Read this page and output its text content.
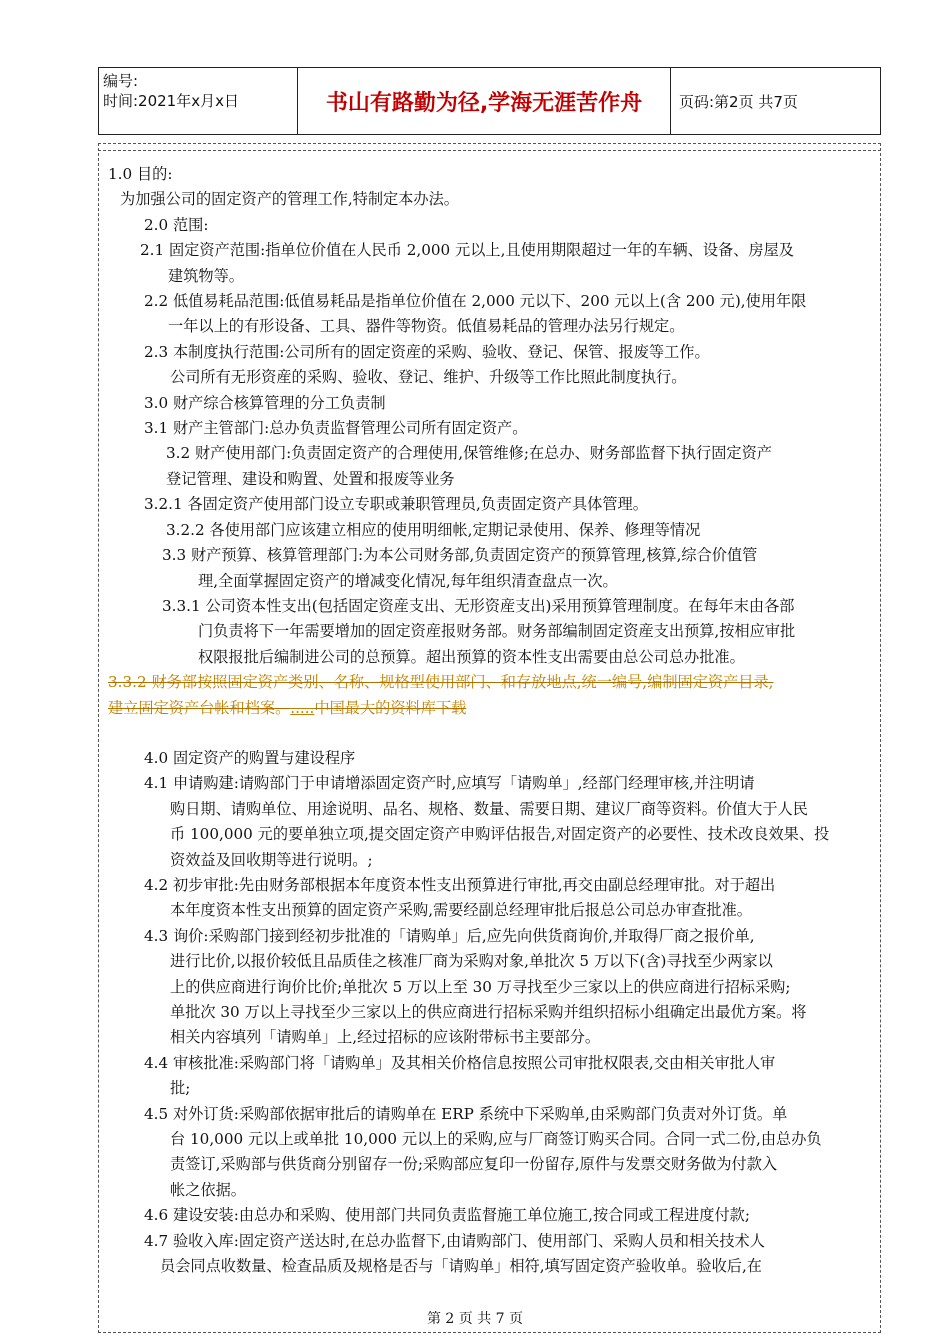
编号:
时间:2021年x月x日	书山有路勤为径,学海无涯苦作舟	页码:第2页 共7页
1.0 目的:
为加强公司的固定资产的管理工作,特制定本办法。
2.0 范围:
2.1 固定资产范围:指单位价值在人民币 2,000 元以上,且使用期限超过一年的车辆、设备、房屋及
建筑物等。
2.2 低值易耗品范围:低值易耗品是指单位价值在 2,000 元以下、200 元以上(含 200 元),使用年限
一年以上的有形设备、工具、器件等物资。低值易耗品的管理办法另行规定。
2.3 本制度执行范围:公司所有的固定资産的采购、验收、登记、保管、报废等工作。
公司所有无形资産的采购、验收、登记、维护、升级等工作比照此制度执行。
3.0 财产综合核算管理的分工负责制
3.1 财产主管部门:总办负责监督管理公司所有固定资产。
3.2 财产使用部门:负责固定资产的合理使用,保管维修;在总办、财务部监督下执行固定资产
登记管理、建设和购置、处置和报废等业务
3.2.1 各固定资产使用部门设立专职或兼职管理员,负责固定资产具体管理。
3.2.2 各使用部门应该建立相应的使用明细帐,定期记录使用、保养、修理等情况
3.3 财产预算、核算管理部门:为本公司财务部,负责固定资产的预算管理,核算,综合价值管
理,全面掌握固定资产的增减变化情况,每年组织清查盘点一次。
3.3.1 公司资本性支出(包括固定资産支出、无形资産支出)采用预算管理制度。在每年末由各部
门负责将下一年需要增加的固定资産报财务部。财务部编制固定资産支出预算,按相应审批
权限报批后编制进公司的总预算。超出预算的资本性支出需要由总公司总办批准。
3.3.2 财务部按照固定资产类别、名称、规格型使用部门、和存放地点,统一编号,编制固定资产目录,
建立固定资产台帐和档案。.....中国最大的资料库下载
4.0 固定资产的购置与建设程序
4.1 申请购建:请购部门于申请增添固定资产时,应填写「请购单」,经部门经理审核,并注明请
购日期、请购单位、用途说明、品名、规格、数量、需要日期、建议厂商等资料。价值大于人民
币 100,000 元的要单独立项,提交固定资产申购评估报告,对固定资产的必要性、技术改良效果、投
资效益及回收期等进行说明。;
4.2 初步审批:先由财务部根据本年度资本性支出预算进行审批,再交由副总经理审批。对于超出
本年度资本性支出预算的固定资产采购,需要经副总经理审批后报总公司总办审查批准。
4.3 询价:采购部门接到经初步批准的「请购单」后,应先向供货商询价,并取得厂商之报价单,
进行比价,以报价较低且品质佳之核准厂商为采购对象,单批次 5 万以下(含)寻找至少两家以
上的供应商进行询价比价;单批次 5 万以上至 30 万寻找至少三家以上的供应商进行招标采购;
单批次 30 万以上寻找至少三家以上的供应商进行招标采购并组织招标小组确定出最优方案。将
相关内容填列「请购单」上,经过招标的应该附带标书主要部分。
4.4 审核批准:采购部门将「请购单」及其相关价格信息按照公司审批权限表,交由相关审批人审
批;
4.5 对外订货:采购部依据审批后的请购单在 ERP 系统中下采购单,由采购部门负责对外订货。单
台 10,000 元以上或单批 10,000 元以上的采购,应与厂商签订购买合同。合同一式二份,由总办负
责签订,采购部与供货商分别留存一份;采购部应复印一份留存,原件与发票交财务做为付款入
帐之依据。
4.6 建设安装:由总办和采购、使用部门共同负责监督施工单位施工,按合同或工程进度付款;
4.7 验收入库:固定资产送达时,在总办监督下,由请购部门、使用部门、采购人员和相关技术人
员会同点收数量、检查品质及规格是否与「请购单」相符,填写固定资产验收单。验收后,在
第 2 页 共 7 页
